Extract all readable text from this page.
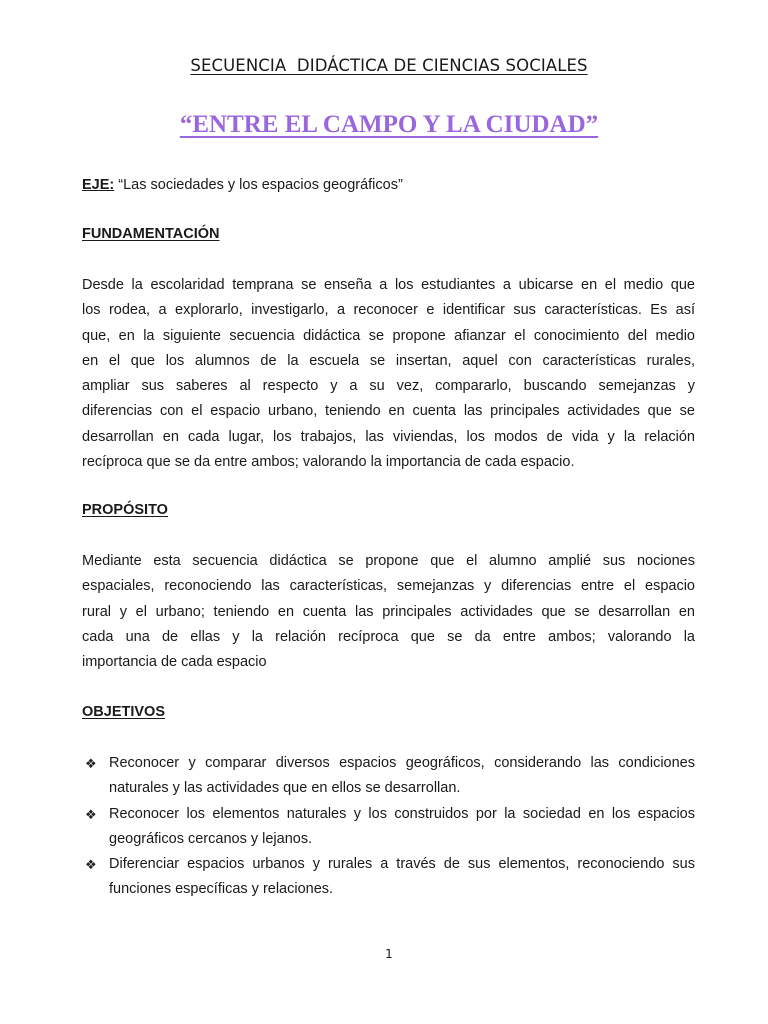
SECUENCIA  DIDÁCTICA DE CIENCIAS SOCIALES
“ENTRE EL CAMPO Y LA CIUDAD”
EJE: “Las sociedades y los espacios geográficos”
FUNDAMENTACIÓN
Desde la escolaridad temprana se enseña a los estudiantes a ubicarse en el medio que
los rodea, a explorarlo, investigarlo, a reconocer e identificar sus características. Es así
que, en la siguiente secuencia didáctica se propone afianzar el conocimiento del medio
en el que los alumnos de la escuela se insertan, aquel con características rurales,
ampliar sus saberes al respecto y a su vez, compararlo, buscando semejanzas y
diferencias con el espacio urbano, teniendo en cuenta las principales actividades que se
desarrollan en cada lugar, los trabajos, las viviendas, los modos de vida y la relación
recíproca que se da entre ambos; valorando la importancia de cada espacio.
PROPÓSITO
Mediante esta secuencia didáctica se propone que el alumno amplié sus nociones
espaciales, reconociendo las características, semejanzas y diferencias entre el espacio
rural y el urbano; teniendo en cuenta las principales actividades que se desarrollan en
cada una de ellas y la relación recíproca que se da entre ambos; valorando la
importancia de cada espacio
OBJETIVOS
❖ Reconocer y comparar diversos espacios geográficos, considerando las condiciones
naturales y las actividades que en ellos se desarrollan.
❖ Reconocer los elementos naturales y los construidos por la sociedad en los espacios
geográficos cercanos y lejanos.
❖ Diferenciar espacios urbanos y rurales a través de sus elementos, reconociendo sus
funciones específicas y relaciones.
1
